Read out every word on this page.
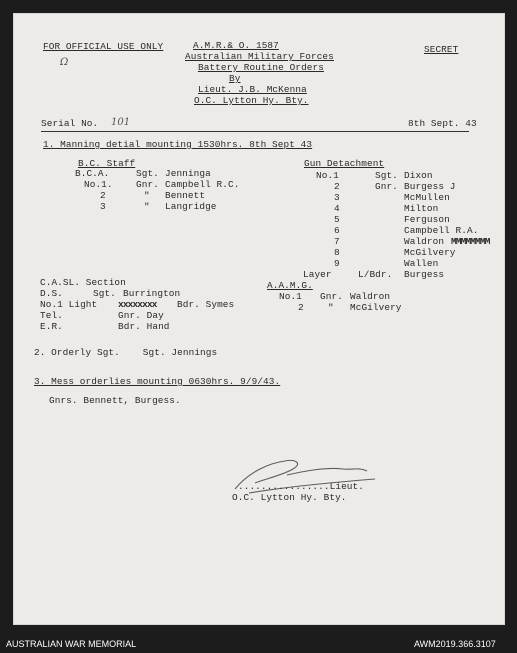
FOR OFFICIAL USE ONLY	SECRET
A.M.R.& O. 1587
Australian Military Forces
Battery Routine Orders
By
Lieut. J.B. McKenna
O.C. Lytton Hy. Bty.
Ω
Serial No. 101	8th Sept. 43
1. Manning detial mounting 1530hrs. 8th Sept 43
B.C. Staff
B.C.A.	Sgt. Jenninga
No.1. Gnr. Campbell R.C.
2	" Bennett
3	" Langridge
Gun Detachment
No.1	Sgt. Dixon
2	Gnr. Burgess J
3	McMullen
4	Milton
5	Ferguson
6	Campbell R.A.
7	Waldron MMMMMMMM
8	McGilvery
9	Wallen
Layer	L/Bdr. Burgess
C.A.SL. Section
D.S.	Sgt. Burrington
No.1 Light xxxxxxxx Bdr. Symes
Tel.	Gnr. Day
E.R.	Bdr. Hand
A.A.M.G.
No.1 Gnr. Waldron
2	" McGilvery
2. Orderly Sgt.    Sgt. Jennings
3. Mess orderlies mounting 0630hrs. 9/9/43.
Gnrs. Bennett, Burgess.
................Lieut.
O.C. Lytton Hy. Bty.
AUSTRALIAN WAR MEMORIAL	AWM2019.366.3107
